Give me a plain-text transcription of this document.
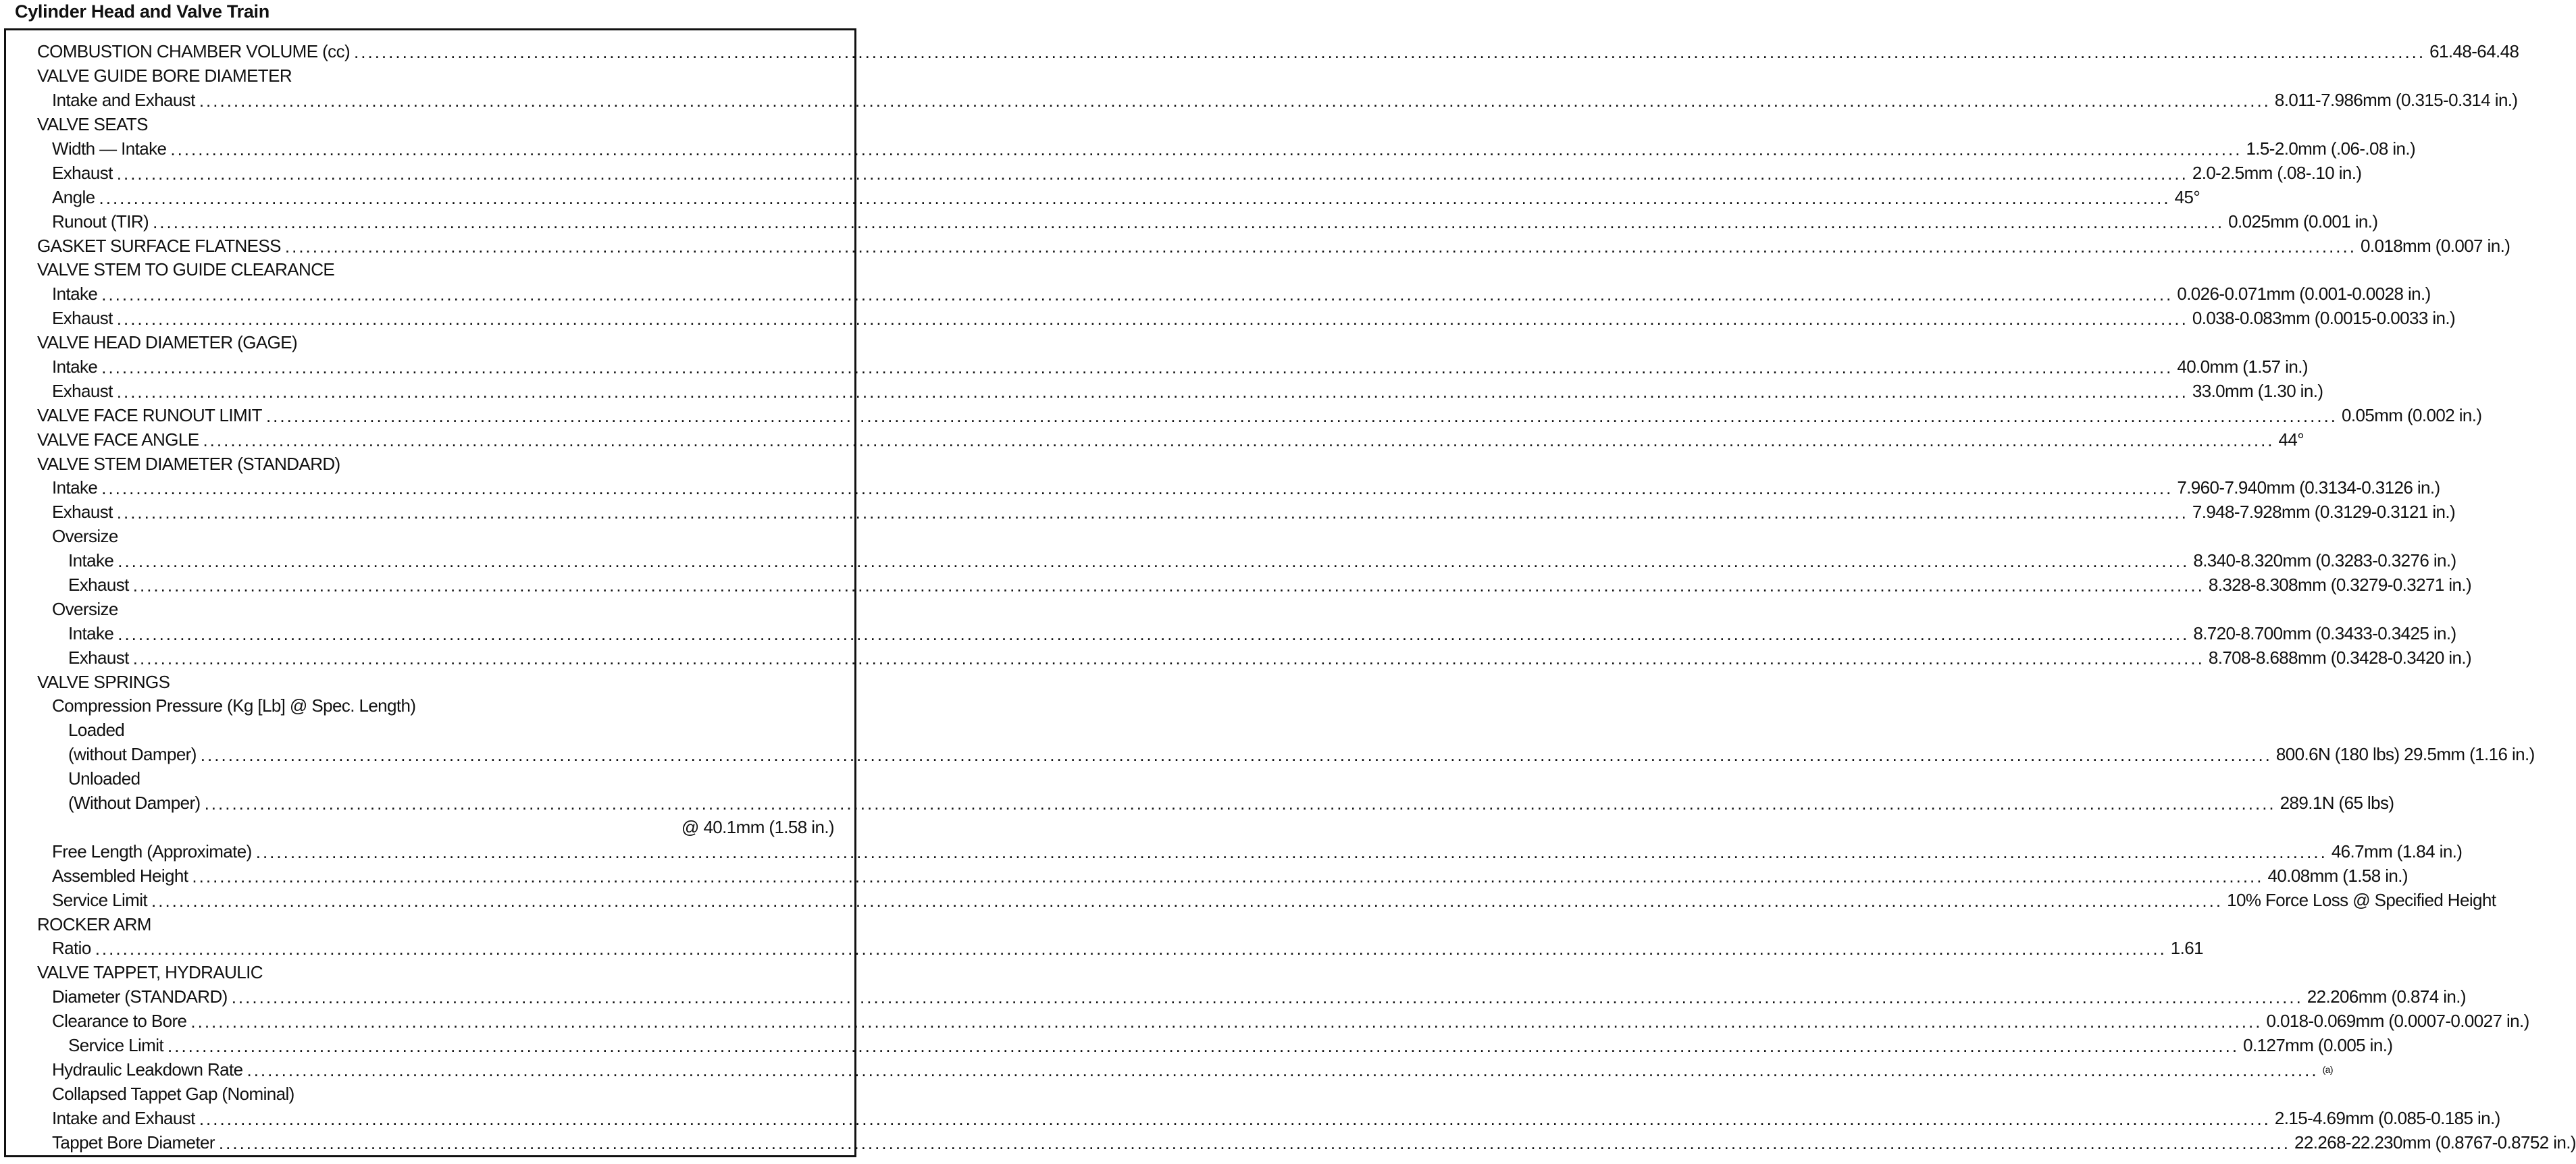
Cylinder Head and Valve Train
COMBUSTION CHAMBER VOLUME (cc) ............................................................................................................................................................................................................................................................................................................ 61.48-64.48
VALVE GUIDE BORE DIAMETER
Intake and Exhaust ............................................................................................................................................................................................................................................................................................................ 8.011-7.986mm (0.315-0.314 in.)
VALVE SEATS
Width — Intake ............................................................................................................................................................................................................................................................................................................ 1.5-2.0mm (.06-.08 in.)
Exhaust ............................................................................................................................................................................................................................................................................................................ 2.0-2.5mm (.08-.10 in.)
Angle ............................................................................................................................................................................................................................................................................................................ 45°
Runout (TIR) ............................................................................................................................................................................................................................................................................................................ 0.025mm (0.001 in.)
GASKET SURFACE FLATNESS ............................................................................................................................................................................................................................................................................................................ 0.018mm (0.007 in.)
VALVE STEM TO GUIDE CLEARANCE
Intake ............................................................................................................................................................................................................................................................................................................ 0.026-0.071mm (0.001-0.0028 in.)
Exhaust ............................................................................................................................................................................................................................................................................................................ 0.038-0.083mm (0.0015-0.0033 in.)
VALVE HEAD DIAMETER (GAGE)
Intake ............................................................................................................................................................................................................................................................................................................ 40.0mm (1.57 in.)
Exhaust ............................................................................................................................................................................................................................................................................................................ 33.0mm (1.30 in.)
VALVE FACE RUNOUT LIMIT ............................................................................................................................................................................................................................................................................................................ 0.05mm (0.002 in.)
VALVE FACE ANGLE ............................................................................................................................................................................................................................................................................................................ 44°
VALVE STEM DIAMETER (STANDARD)
Intake ............................................................................................................................................................................................................................................................................................................ 7.960-7.940mm (0.3134-0.3126 in.)
Exhaust ............................................................................................................................................................................................................................................................................................................ 7.948-7.928mm (0.3129-0.3121 in.)
Oversize
Intake ............................................................................................................................................................................................................................................................................................................ 8.340-8.320mm (0.3283-0.3276 in.)
Exhaust ............................................................................................................................................................................................................................................................................................................ 8.328-8.308mm (0.3279-0.3271 in.)
Oversize
Intake ............................................................................................................................................................................................................................................................................................................ 8.720-8.700mm (0.3433-0.3425 in.)
Exhaust ............................................................................................................................................................................................................................................................................................................ 8.708-8.688mm (0.3428-0.3420 in.)
VALVE SPRINGS
Compression Pressure (Kg [Lb] @ Spec. Length)
Loaded
(without Damper) ............................................................................................................................................................................................................................................................................................................ 800.6N (180 lbs) 29.5mm (1.16 in.)
Unloaded
(Without Damper) ............................................................................................................................................................................................................................................................................................................ 289.1N (65 lbs)
@ 40.1mm (1.58 in.)
Free Length (Approximate) ............................................................................................................................................................................................................................................................................................................ 46.7mm (1.84 in.)
Assembled Height ............................................................................................................................................................................................................................................................................................................ 40.08mm (1.58 in.)
Service Limit ............................................................................................................................................................................................................................................................................................................ 10% Force Loss @ Specified Height
ROCKER ARM
Ratio ............................................................................................................................................................................................................................................................................................................ 1.61
VALVE TAPPET, HYDRAULIC
Diameter (STANDARD) ............................................................................................................................................................................................................................................................................................................ 22.206mm (0.874 in.)
Clearance to Bore ............................................................................................................................................................................................................................................................................................................ 0.018-0.069mm (0.0007-0.0027 in.)
Service Limit ............................................................................................................................................................................................................................................................................................................ 0.127mm (0.005 in.)
Hydraulic Leakdown Rate ............................................................................................................................................................................................................................................................................................................ (a)
Collapsed Tappet Gap (Nominal)
Intake and Exhaust ............................................................................................................................................................................................................................................................................................................ 2.15-4.69mm (0.085-0.185 in.)
Tappet Bore Diameter ............................................................................................................................................................................................................................................................................................................ 22.268-22.230mm (0.8767-0.8752 in.)
